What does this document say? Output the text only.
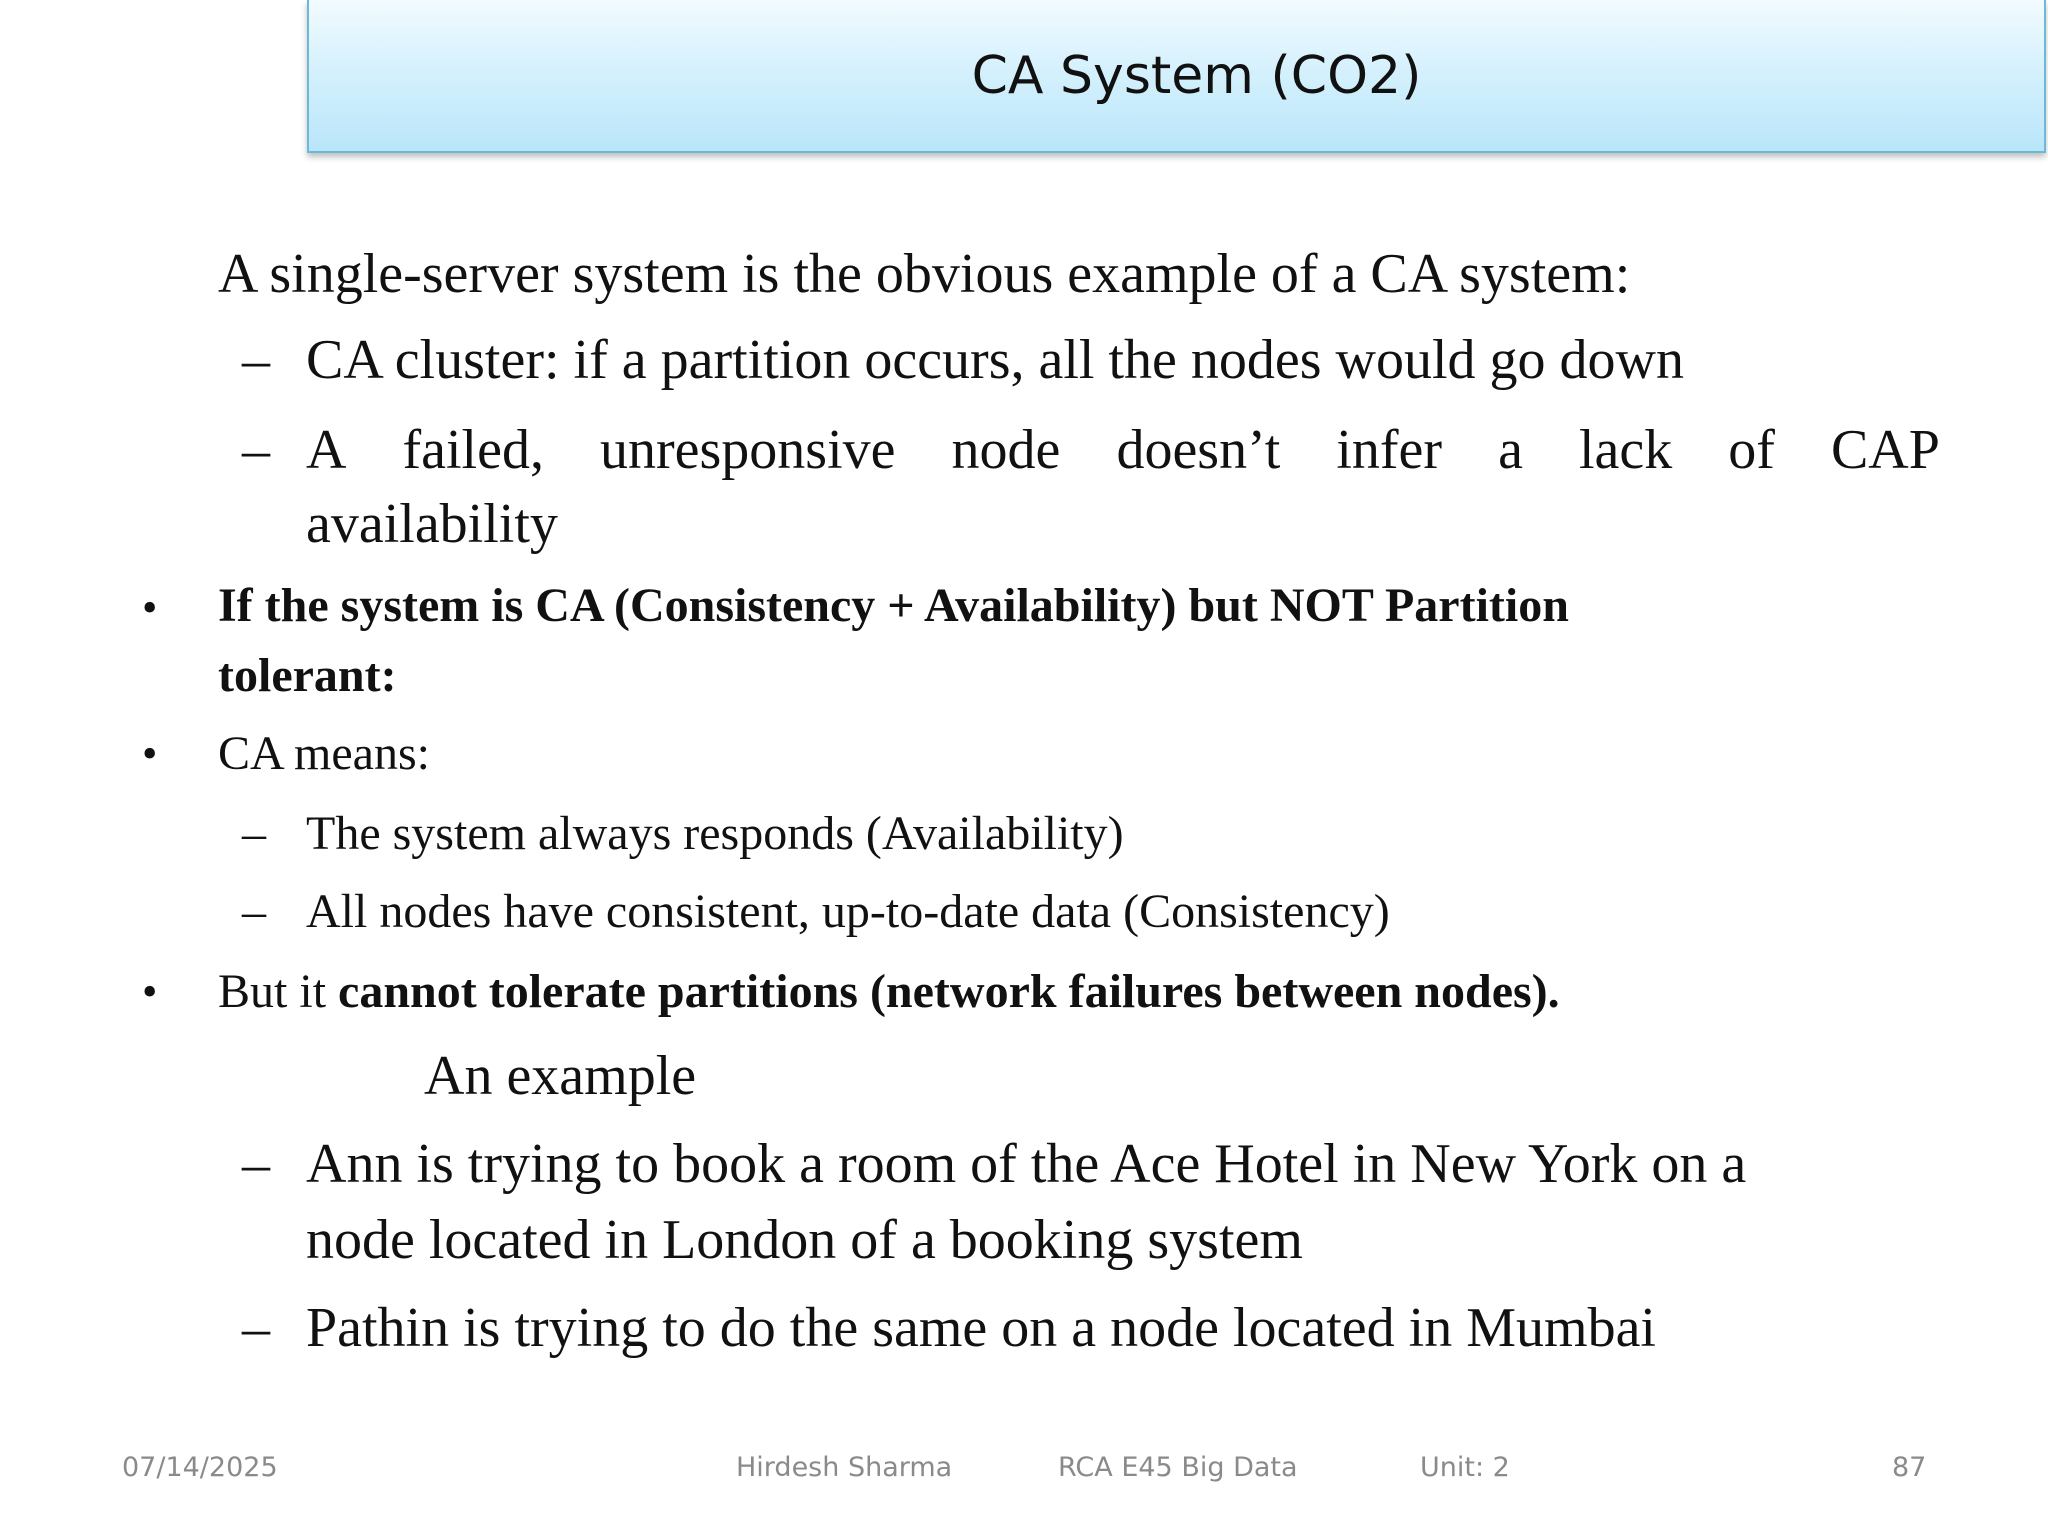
CA System (CO2)
A single-server system is the obvious example of a CA system:
– CA cluster: if a partition occurs, all the nodes would go down
– A failed, unresponsive node doesn’t infer a lack of CAP
availability
• If the system is CA (Consistency + Availability) but NOT Partition
tolerant:
• CA means:
– The system always responds (Availability)
– All nodes have consistent, up-to-date data (Consistency)
• But it cannot tolerate partitions (network failures between nodes).
An example
– Ann is trying to book a room of the Ace Hotel in New York on a
node located in London of a booking system
– Pathin is trying to do the same on a node located in Mumbai
07/14/2025	Hirdesh Sharma	RCA E45 Big Data	Unit: 2	87
